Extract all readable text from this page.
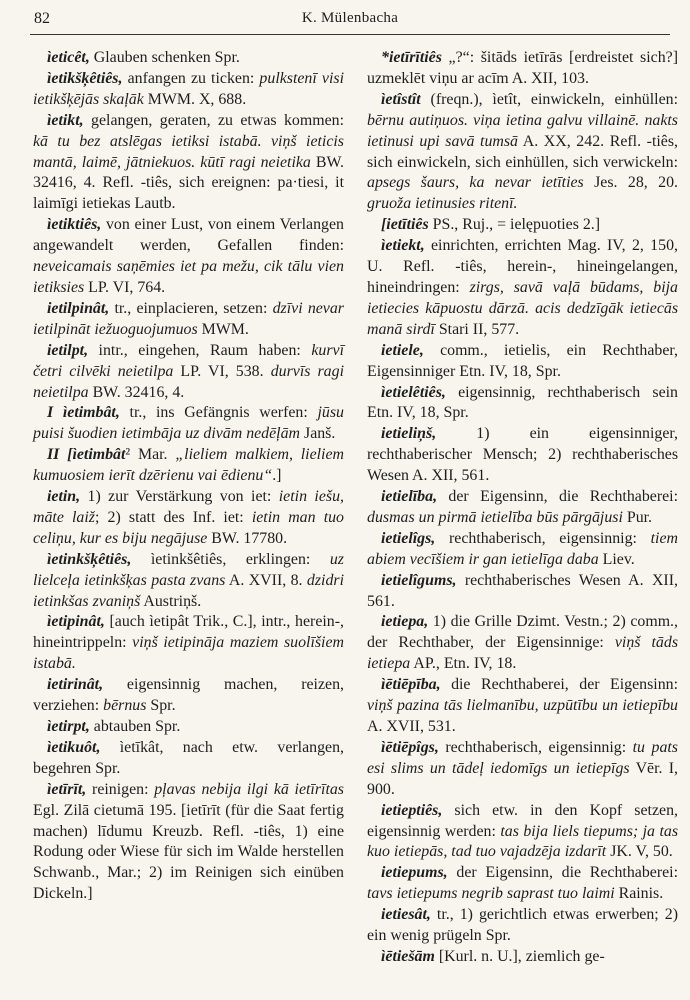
82	K. Mülenbacha

ìeticêt, Glauben schenken Spr.

ìetikšķêtiês, anfangen zu ticken: pulkstenī visi ietikšķējās skaļāk MWM. X, 688.

ìetikt, gelangen, geraten, zu etwas kommen: kā tu bez atslēgas ietiksi istabā. viņš ieticis mantā, laimē, jātniekuos. kūtī ragi neietika BW. 32416, 4. Refl. -tiês, sich ereignen: pa·tiesi, it laimīgi ietiekas Lautb.

ìetiktiês, von einer Lust, von einem Verlangen angewandelt werden, Gefallen finden: neveicamais saņēmies iet pa mežu, cik tālu vien ietiksies LP. VI, 764.

ietilpinât, tr., einplacieren, setzen: dzīvi nevar ietilpināt iežuoguojumuos MWM.

ietilpt, intr., eingehen, Raum haben: kurvī četri cilvēki neietilpa LP. VI, 538. durvīs ragi neietilpa BW. 32416, 4.

I ìetimbât, tr., ins Gefängnis werfen: jūsu puisi šuodien ietimbāja uz divām nedēļām Janš.

II [ìetimbât² Mar. „lieliem malkiem, lieliem kumuosiem ierīt dzērienu vai ēdienu“.]

ietin, 1) zur Verstärkung von iet: ietin iešu, māte laiž; 2) statt des Inf. iet: ietin man tuo celiņu, kur es biju negājuse BW. 17780.

ìetinkšķêtiês, ìetinkšêtiês, erklingen: uz lielceļa ietinkšķas pasta zvans A. XVII, 8. dzidri ietinkšas zvaniņš Austriņš.

ìetipinât, [auch ìetipât Trik., C.], intr., herein-, hineintrippeln: viņš ietipināja maziem suolīšiem istabā.

ietirinât, eigensinnig machen, reizen, verziehen: bērnus Spr.

ìetirpt, abtauben Spr.

ìetikuôt, ìetīkât, nach etw. verlangen, begehren Spr.

ìetīrīt, reinigen: pļavas nebija ilgi kā ietīrītas Egl. Zilā cietumā 195. [ietīrīt (für die Saat fertig machen) līdumu Kreuzb. Refl. -tiês, 1) eine Rodung oder Wiese für sich im Walde herstellen Schwanb., Mar.; 2) im Reinigen sich einüben Dickeln.]

*ietīrītiês „?“: šitāds ietīrās [erdreistet sich?] uzmeklēt viņu ar acīm A. XII, 103.

ìetîstît (freqn.), ìetît, einwickeln, einhüllen: bērnu autiņuos. viņa ietina galvu villainē. nakts ietinusi upi savā tumsā A. XX, 242. Refl. -tiês, sich einwickeln, sich einhüllen, sich verwickeln: apsegs šaurs, ka nevar ietīties Jes. 28, 20. gruoža ietinusies ritenī.

[ietītiês PS., Ruj., = ielępuoties 2.]

ìetiekt, einrichten, errichten Mag. IV, 2, 150, U. Refl. -tiês, herein-, hineingelangen, hineindringen: zirgs, savā vaļā būdams, bija ietiecies kāpuostu dārzā. acis dedzīgāk ietiecās manā sirdī Stari II, 577.

ietiele, comm., ietielis, ein Rechthaber, Eigensinniger Etn. IV, 18, Spr.

ìetielêtiês, eigensinnig, rechthaberisch sein Etn. IV, 18, Spr.

ietieliņš, 1) ein eigensinniger, rechthaberischer Mensch; 2) rechthaberisches Wesen A. XII, 561.

ietielība, der Eigensinn, die Rechthaberei: dusmas un pirmā ietielība būs pārgājusi Pur.

ietielîgs, rechthaberisch, eigensinnig: tiem abiem vecīšiem ir gan ietielīga daba Liev.

ietielîgums, rechthaberisches Wesen A. XII, 561.

ietiepa, 1) die Grille Dzimt. Vestn.; 2) comm., der Rechthaber, der Eigensinnige: viņš tāds ietiepa AP., Etn. IV, 18.

ìētiēpība, die Rechthaberei, der Eigensinn: viņš pazina tās lielmanību, uzpūtību un ietiepību A. XVII, 531.

ìētiēpîgs, rechthaberisch, eigensinnig: tu pats esi slims un tādeļ iedomīgs un ietiepīgs Vēr. I, 900.

ietieptiês, sich etw. in den Kopf setzen, eigensinnig werden: tas bija liels tiepums; ja tas kuo ietiepās, tad tuo vajadzēja izdarīt JK. V, 50.

ietiepums, der Eigensinn, die Rechthaberei: tavs ietiepums negrib saprast tuo laimi Rainis.

ietiesât, tr., 1) gerichtlich etwas erwerben; 2) ein wenig prügeln Spr.

ìētiešām [Kurl. n. U.], ziemlich ge-
